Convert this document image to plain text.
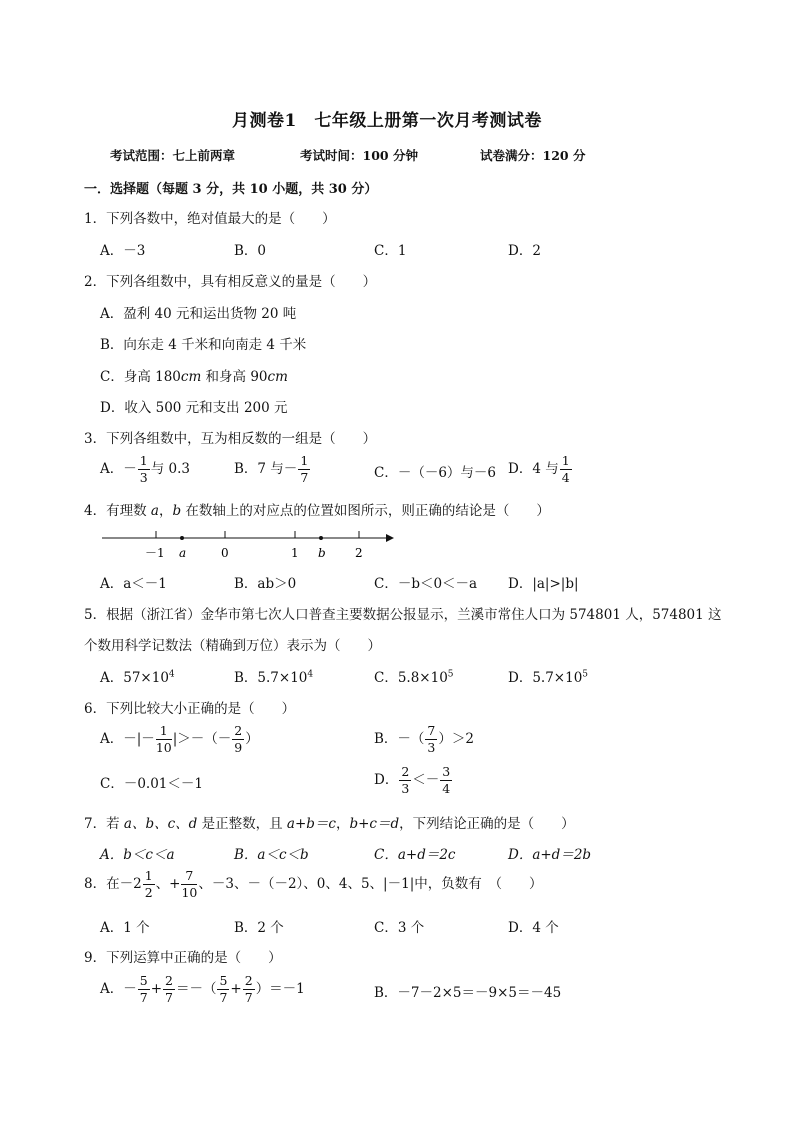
月测卷1　七年级上册第一次月考测试卷
考试范围：七上前两章	考试时间：100 分钟	试卷满分：120 分
一．选择题（每题 3 分，共 10 小题，共 30 分）
1．下列各数中，绝对值最大的是（　　）
A．－3	B．0	C．1	D．2
2．下列各组数中，具有相反意义的量是（　　）
A．盈利 40 元和运出货物 20 吨
B．向东走 4 千米和向南走 4 千米
C．身高 180cm 和身高 90cm
D．收入 500 元和支出 200 元
3．下列各组数中，互为相反数的一组是（　　）
A．－ $\frac{1}{3}$ 与 0.3	B．7 与－ $\frac{1}{7}$	C．－（－6）与－6 D．4 与 $\frac{1}{4}$
4．有理数 a，b 在数轴上的对应点的位置如图所示，则正确的结论是（　　）
－1 a	0	1 b 2
A．a＜－1	B．ab＞0	C．－b＜0＜－a D．|a|>|b|
5．根据（浙江省）金华市第七次人口普查主要数据公报显示，兰溪市常住人口为 574801 人，574801 这
个数用科学记数法（精确到万位）表示为（　　）
A．$57\times 10^4$	B．$5.7\times 10^4$	C．$5.8\times 10^5$	D．$5.7\times 10^5$
6．下列比较大小正确的是（　　）
A．－|－ $\frac{1}{10}$ |＞－（－ $\frac{2}{9}$ ）	B．－（ $\frac{7}{3} )>2$
C．－0.01＜－1	D． $\frac{2}{3} <- \frac{3}{4}$
7．若 a、b、c、d 是正整数，且 a+b＝c，b+c＝d，下列结论正确的是（　　）
A．b＜c＜a	B．a＜c＜b	C．a+d＝2c	D．a+d＝2b
8．在$-2 \frac{1}{2}$ 、+ $\frac{7}{10}$ 、－3、－（－2）、0、4、5、|－1|中，负数有　（　　）
A．1 个	B．2 个	C．3 个	D．4 个
9．下列运算中正确的是（　　）
A．－ $\frac{5}{7} + \frac{2}{7}$ ＝－（ $\frac{5}{7} + \frac{2}{7} )=-1$	B．－7－2×5＝－9×5＝－45
